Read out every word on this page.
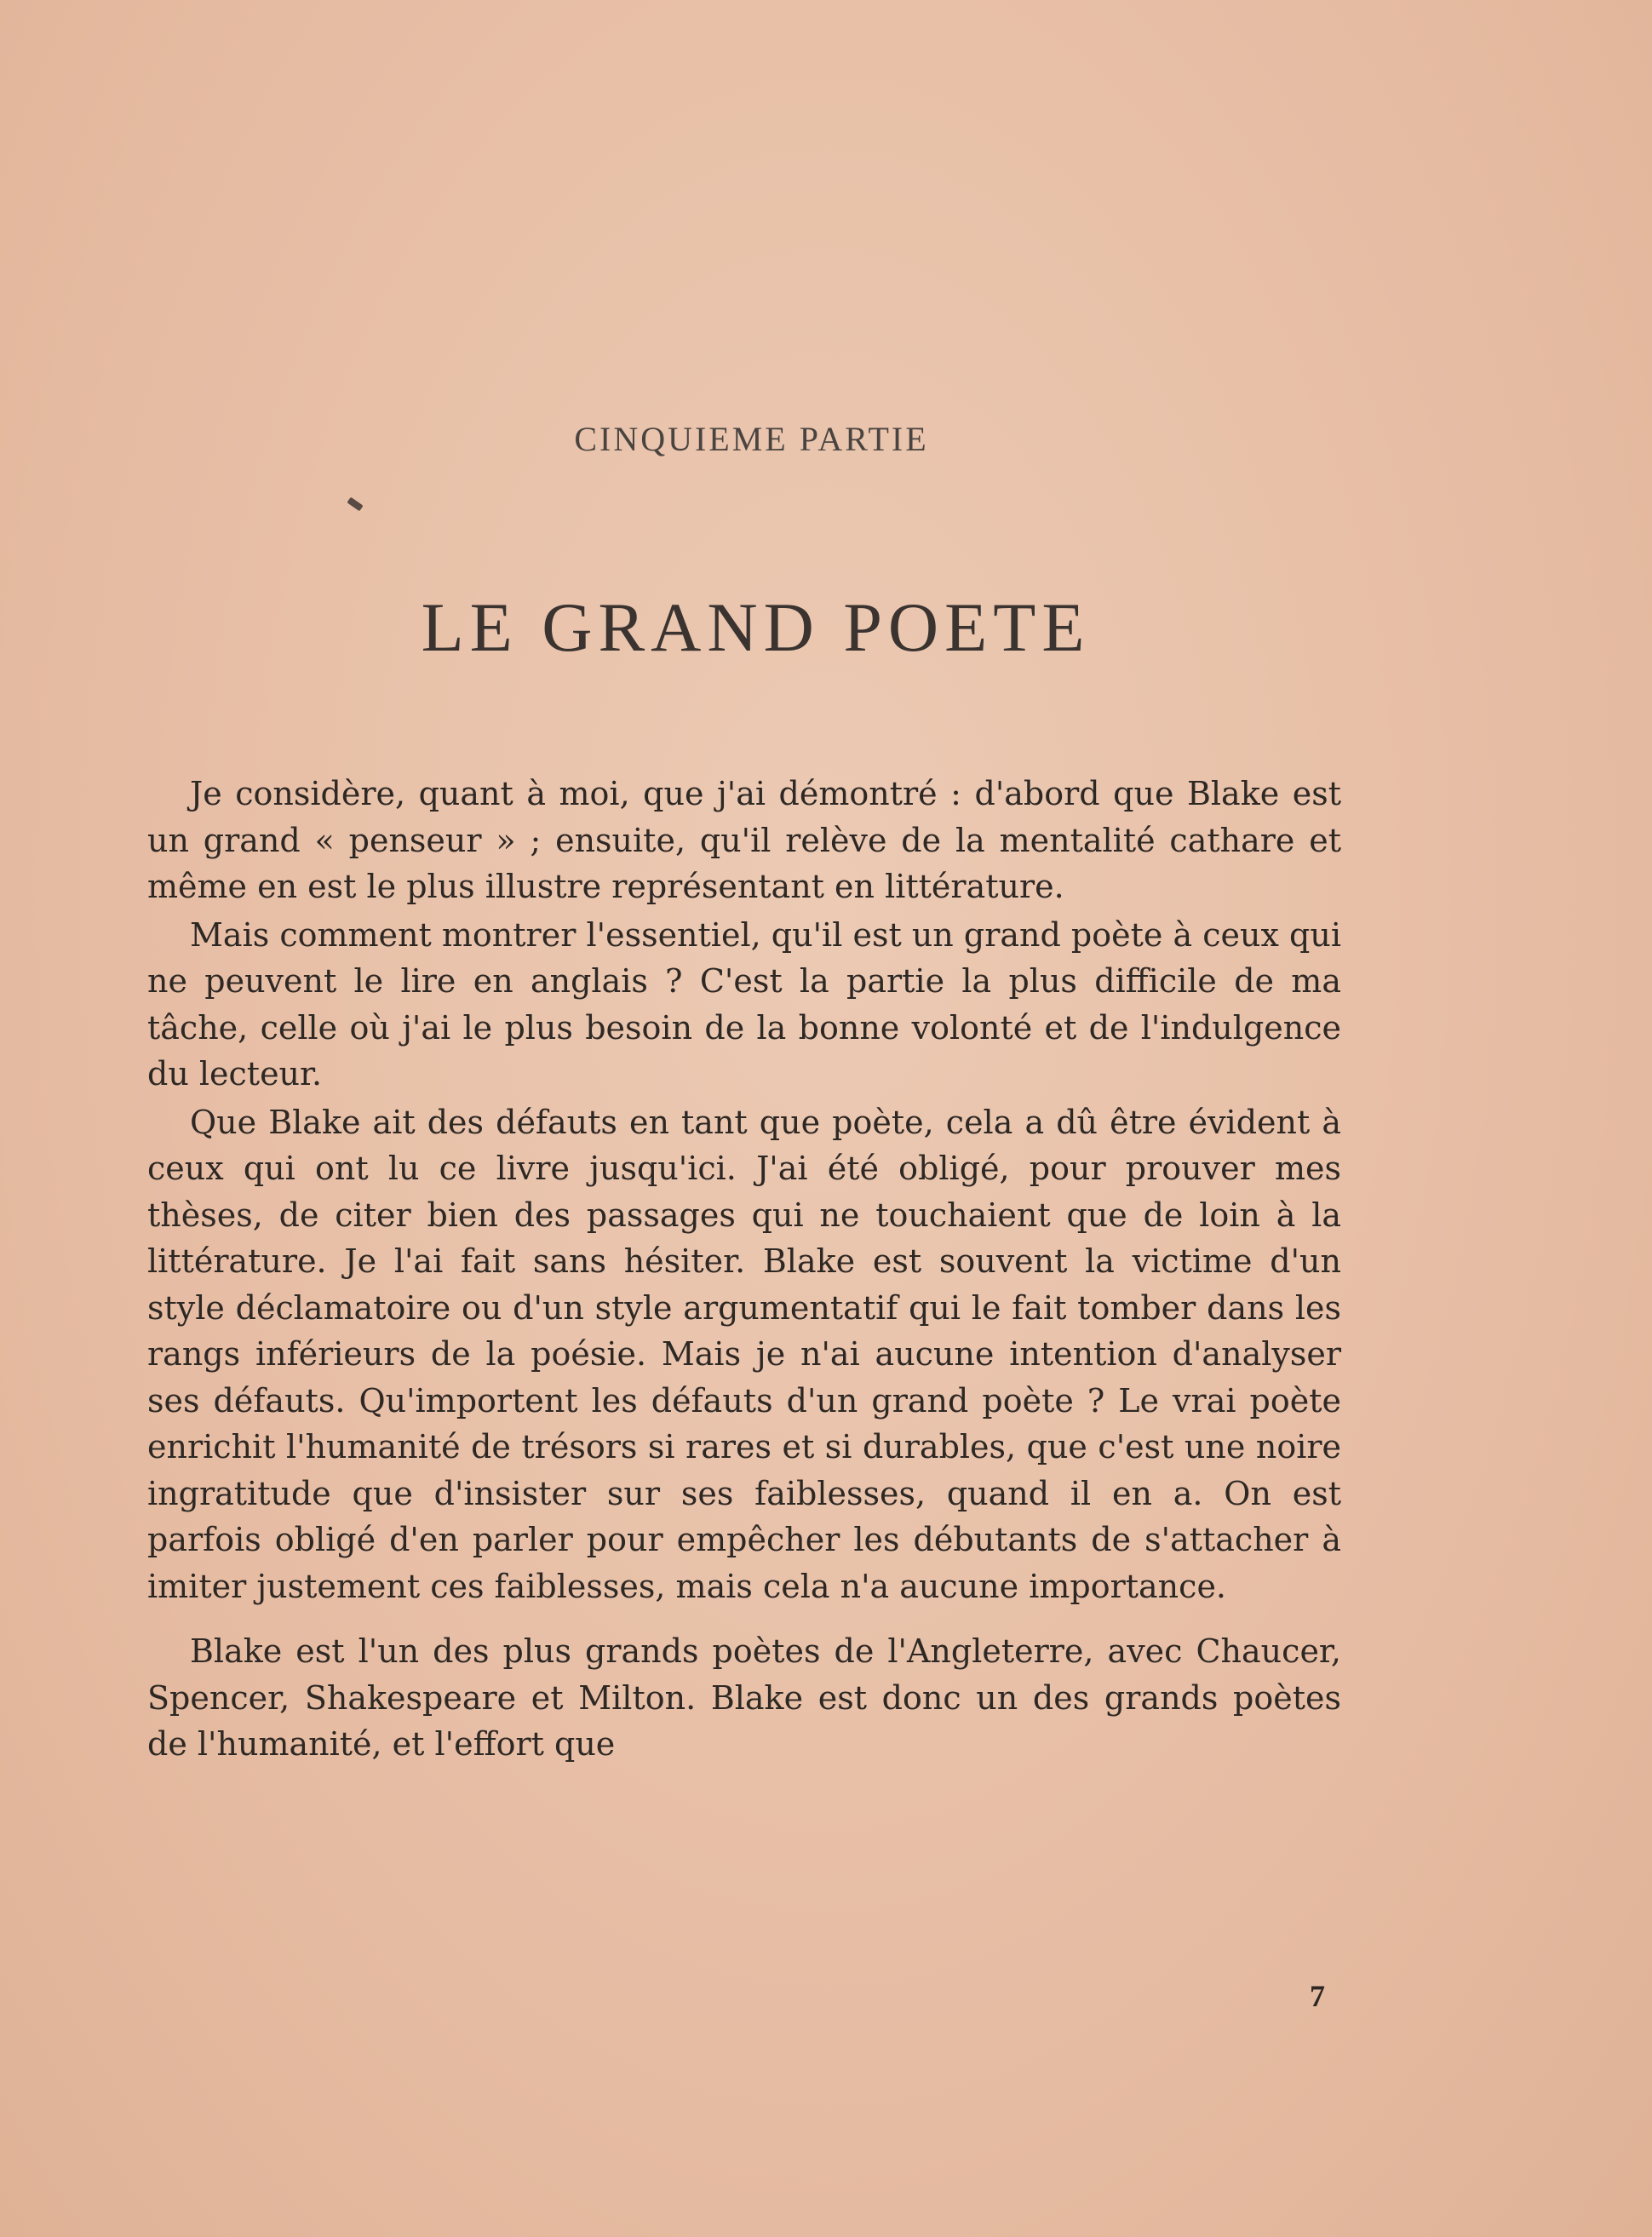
CINQUIEME PARTIE

LE GRAND POETE

Je considère, quant à moi, que j'ai démontré : d'abord que Blake est un grand « penseur » ; ensuite, qu'il relève de la mentalité cathare et même en est le plus illustre représentant en littérature.

Mais comment montrer l'essentiel, qu'il est un grand poète à ceux qui ne peuvent le lire en anglais ? C'est la partie la plus difficile de ma tâche, celle où j'ai le plus besoin de la bonne volonté et de l'indulgence du lecteur.

Que Blake ait des défauts en tant que poète, cela a dû être évident à ceux qui ont lu ce livre jusqu'ici. J'ai été obligé, pour prouver mes thèses, de citer bien des passages qui ne touchaient que de loin à la littérature. Je l'ai fait sans hésiter. Blake est souvent la victime d'un style déclamatoire ou d'un style argumentatif qui le fait tomber dans les rangs inférieurs de la poésie. Mais je n'ai aucune intention d'analyser ses défauts. Qu'importent les défauts d'un grand poète ? Le vrai poète enrichit l'humanité de trésors si rares et si durables, que c'est une noire ingratitude que d'insister sur ses faiblesses, quand il en a. On est parfois obligé d'en parler pour empêcher les débutants de s'attacher à imiter justement ces faiblesses, mais cela n'a aucune importance.

Blake est l'un des plus grands poètes de l'Angleterre, avec Chaucer, Spencer, Shakespeare et Milton. Blake est donc un des grands poètes de l'humanité, et l'effort que

7
